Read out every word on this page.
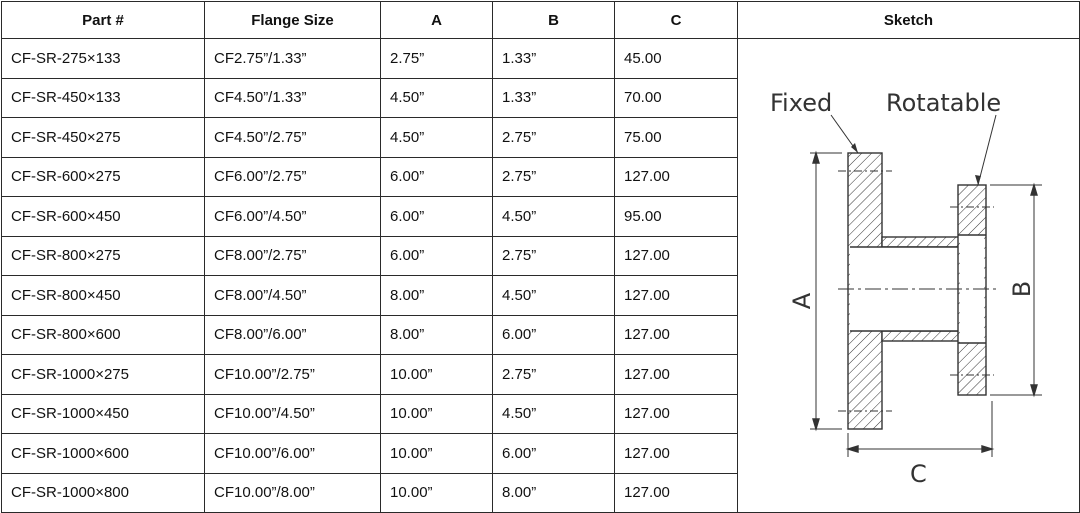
Part #	Flange Size	A	B	C	Sketch
CF-SR-275×133	CF2.75”/1.33”	2.75”	1.33”	45.00	Fixed Rotatable
C
A
B

CF-SR-450×133	CF4.50”/1.33”	4.50”	1.33”	70.00	
CF-SR-450×275	CF4.50”/2.75”	4.50”	2.75”	75.00	
CF-SR-600×275	CF6.00”/2.75”	6.00”	2.75”	127.00	
CF-SR-600×450	CF6.00”/4.50”	6.00”	4.50”	95.00	
CF-SR-800×275	CF8.00”/2.75”	6.00”	2.75”	127.00	
CF-SR-800×450	CF8.00”/4.50”	8.00”	4.50”	127.00	
CF-SR-800×600	CF8.00”/6.00”	8.00”	6.00”	127.00	
CF-SR-1000×275	CF10.00”/2.75”	10.00”	2.75”	127.00	
CF-SR-1000×450	CF10.00”/4.50”	10.00”	4.50”	127.00	
CF-SR-1000×600	CF10.00”/6.00”	10.00”	6.00”	127.00	
CF-SR-1000×800	CF10.00”/8.00”	10.00”	8.00”	127.00	
